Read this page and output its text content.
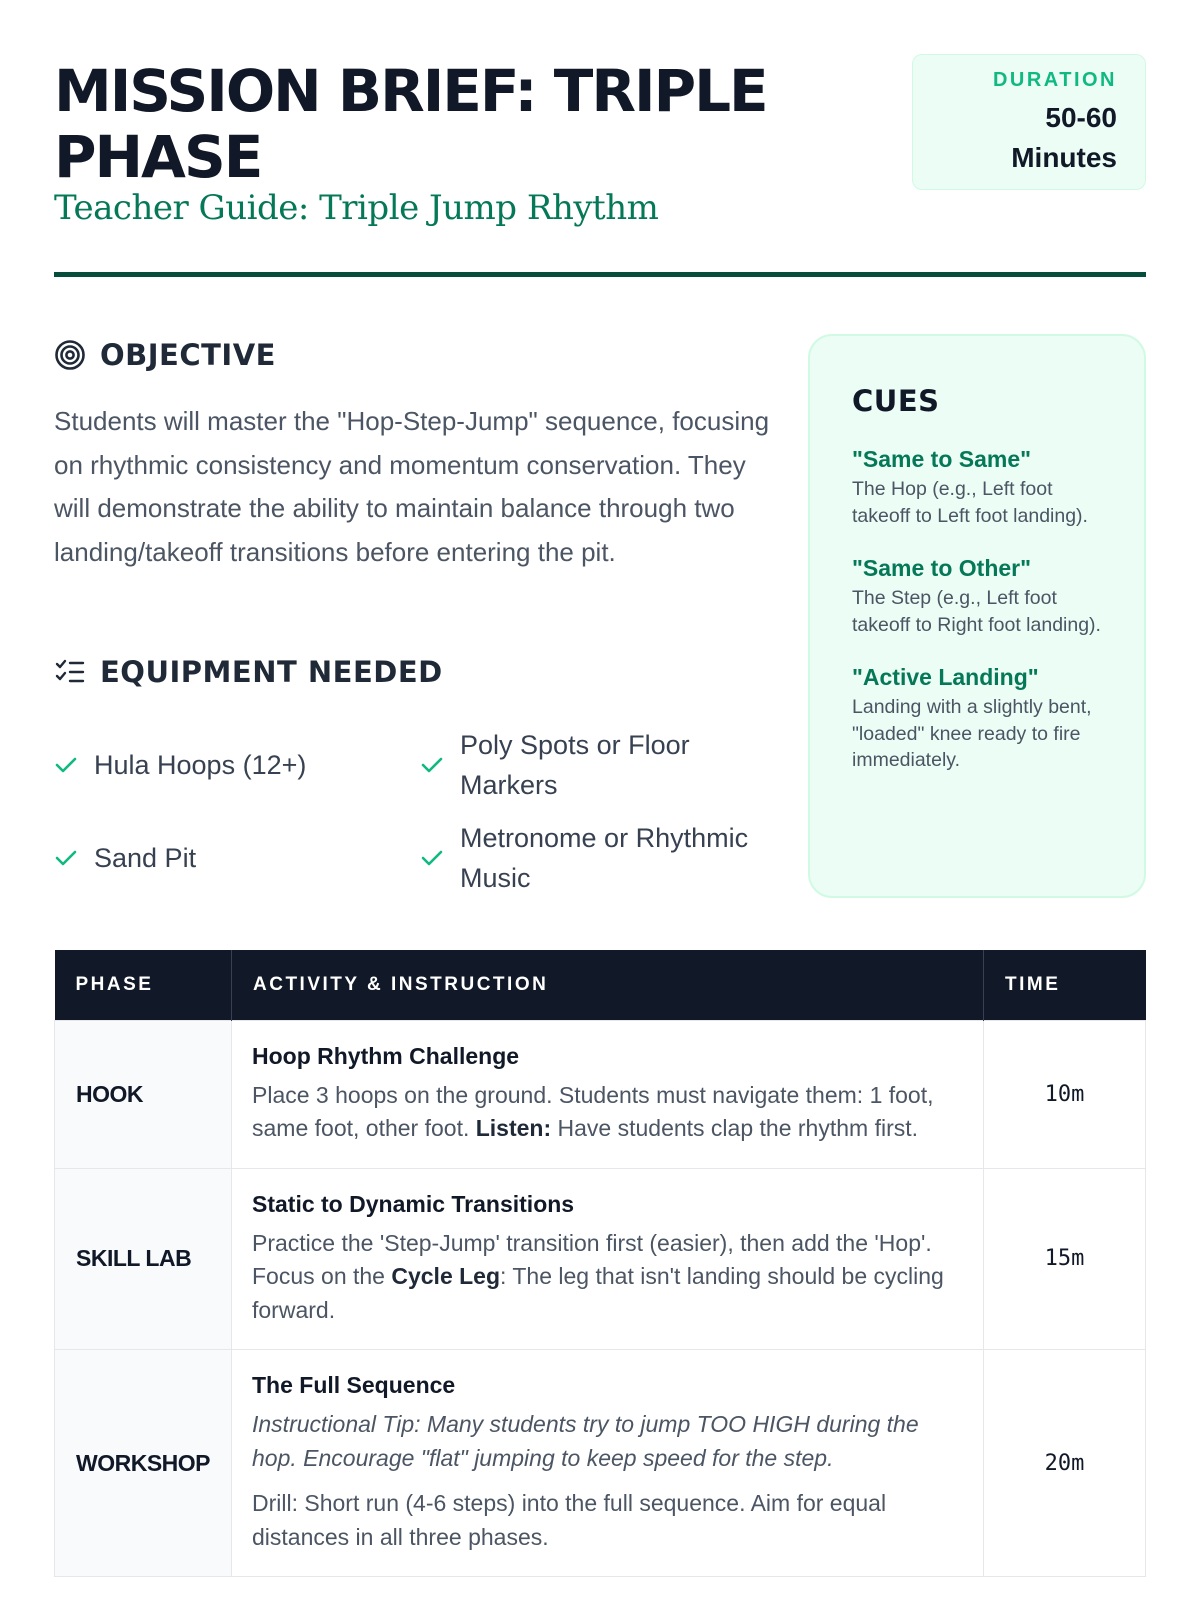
MISSION BRIEF: TRIPLE PHASE
Teacher Guide: Triple Jump Rhythm
DURATION
50-60 Minutes
OBJECTIVE

Students will master the "Hop-Step-Jump" sequence, focusing on rhythmic consistency and momentum conservation. They will demonstrate the ability to maintain balance through two landing/takeoff transitions before entering the pit.

EQUIPMENT NEEDED
Hula Hoops (12+)
Poly Spots or Floor Markers
Sand Pit
Metronome or Rhythmic Music
CUES
"Same to Same"
The Hop (e.g., Left foot takeoff to Left foot landing).
"Same to Other"
The Step (e.g., Left foot takeoff to Right foot landing).
"Active Landing"
Landing with a slightly bent, "loaded" knee ready to fire immediately.
PHASE	ACTIVITY & INSTRUCTION	TIME
HOOK	Hoop Rhythm Challenge
Place 3 hoops on the ground. Students must navigate them: 1 foot, same foot, other foot. Listen: Have students clap the rhythm first.	10m
SKILL LAB	Static to Dynamic Transitions
Practice the 'Step-Jump' transition first (easier), then add the 'Hop'. Focus on the Cycle Leg: The leg that isn't landing should be cycling forward.	15m
WORKSHOP	The Full Sequence
Instructional Tip: Many students try to jump TOO HIGH during the hop. Encourage "flat" jumping to keep speed for the step.
Drill: Short run (4-6 steps) into the full sequence. Aim for equal distances in all three phases.	20m
